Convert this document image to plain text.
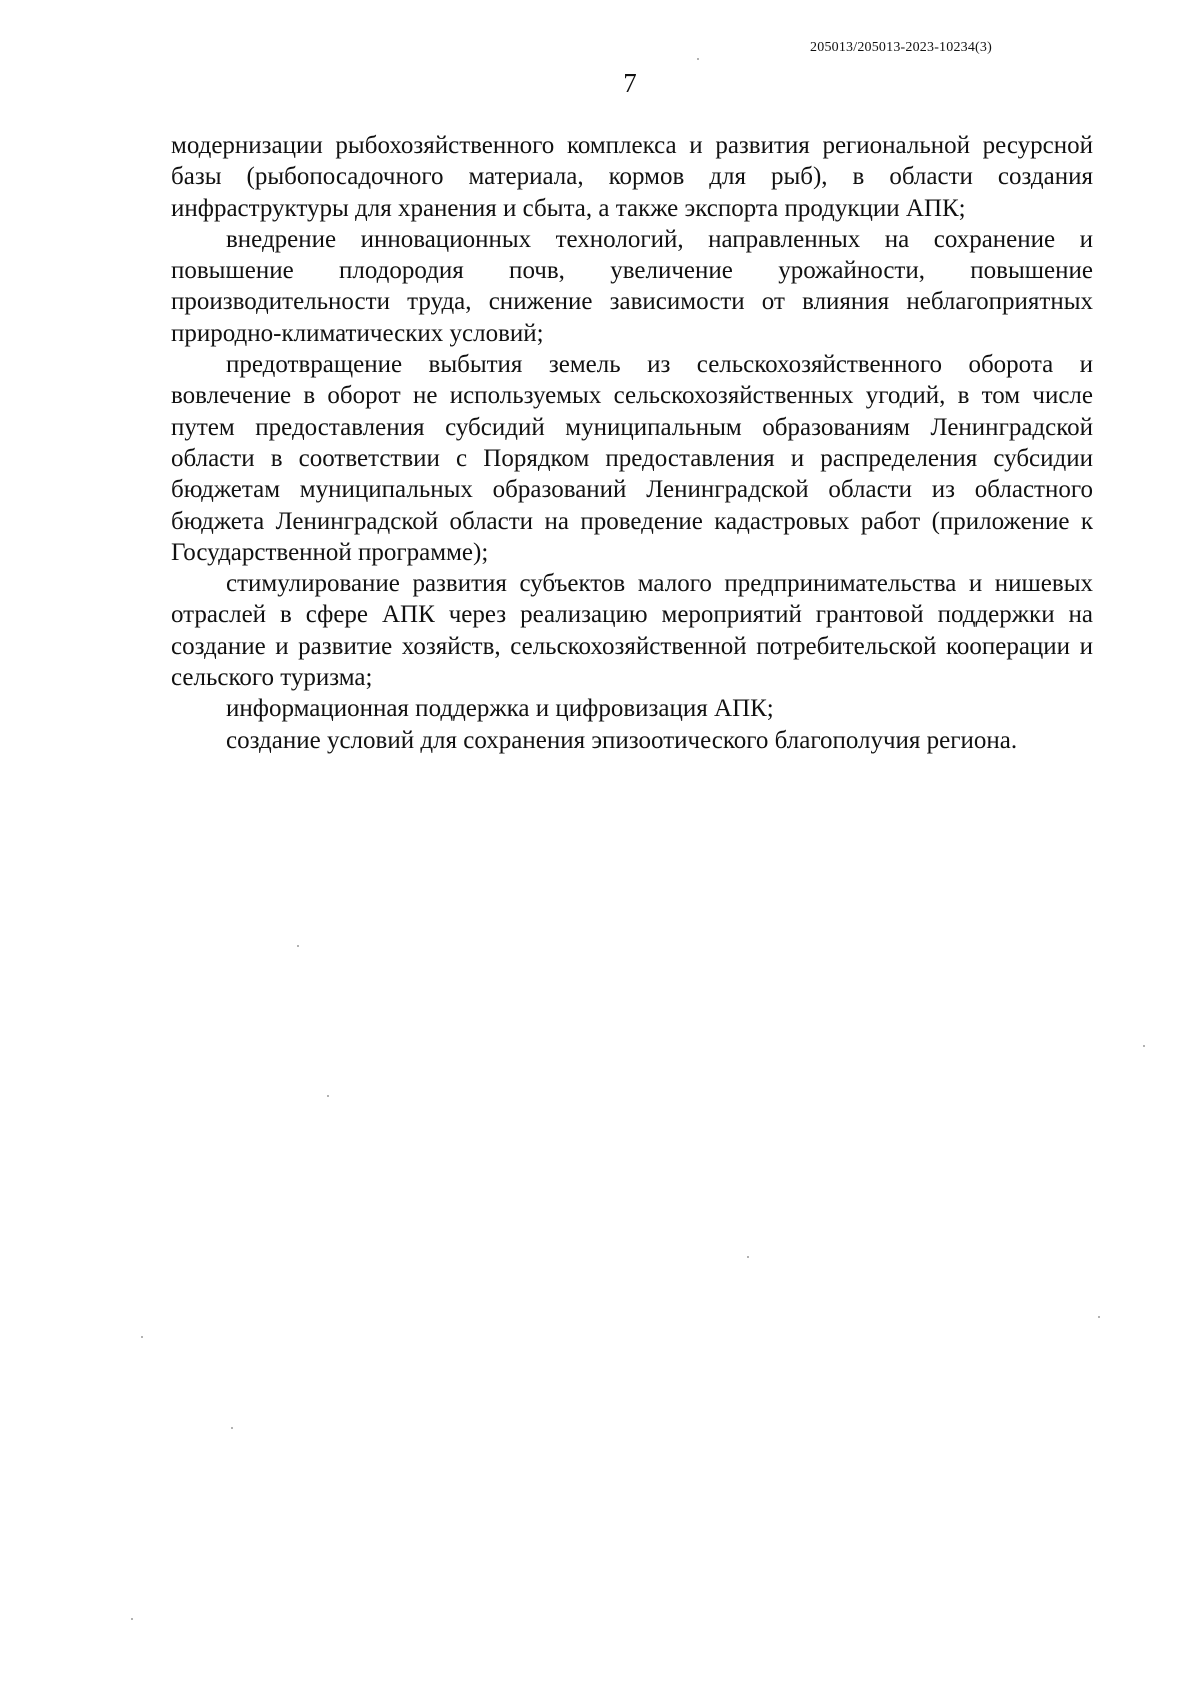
205013/205013-2023-10234(3)
7

модернизации рыбохозяйственного комплекса и развития региональной ресурсной базы (рыбопосадочного материала, кормов для рыб), в области создания инфраструктуры для хранения и сбыта, а также экспорта продукции АПК;

внедрение инновационных технологий, направленных на сохранение и повышение плодородия почв, увеличение урожайности, повышение производительности труда, снижение зависимости от влияния неблагоприятных природно-климатических условий;

предотвращение выбытия земель из сельскохозяйственного оборота и вовлечение в оборот не используемых сельскохозяйственных угодий, в том числе путем предоставления субсидий муниципальным образованиям Ленинградской области в соответствии с Порядком предоставления и распределения субсидии бюджетам муниципальных образований Ленинградской области из областного бюджета Ленинградской области на проведение кадастровых работ (приложение к Государственной программе);

стимулирование развития субъектов малого предпринимательства и нишевых отраслей в сфере АПК через реализацию мероприятий грантовой поддержки на создание и развитие хозяйств, сельскохозяйственной потребительской кооперации и сельского туризма;

информационная поддержка и цифровизация АПК;

создание условий для сохранения эпизоотического благополучия региона.
